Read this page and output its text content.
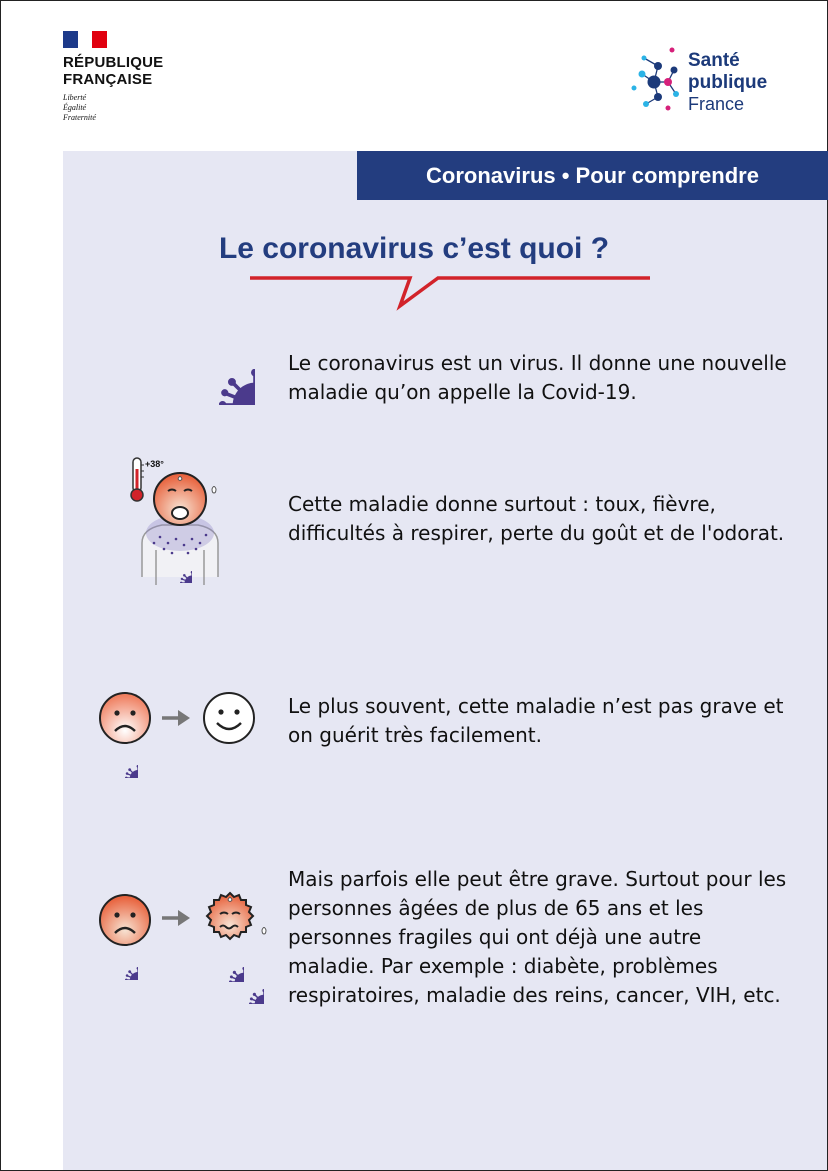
RÉPUBLIQUE
FRANÇAISE
Liberté
Égalité
Fraternité
Santé
publique
France
Coronavirus • Pour comprendre
Le coronavirus c’est quoi ?
Le coronavirus est un virus. Il donne une nouvelle maladie qu’on appelle la Covid-19.
+38°
Cette maladie donne surtout : toux, fièvre, difficultés à respirer, perte du goût et de l'odorat.
Le plus souvent, cette maladie n’est pas grave et on guérit très facilement.
Mais parfois elle peut être grave. Surtout pour les personnes âgées de plus de 65 ans et les personnes fragiles qui ont déjà une autre maladie. Par exemple : diabète, problèmes respiratoires, maladie des reins, cancer, VIH, etc.
